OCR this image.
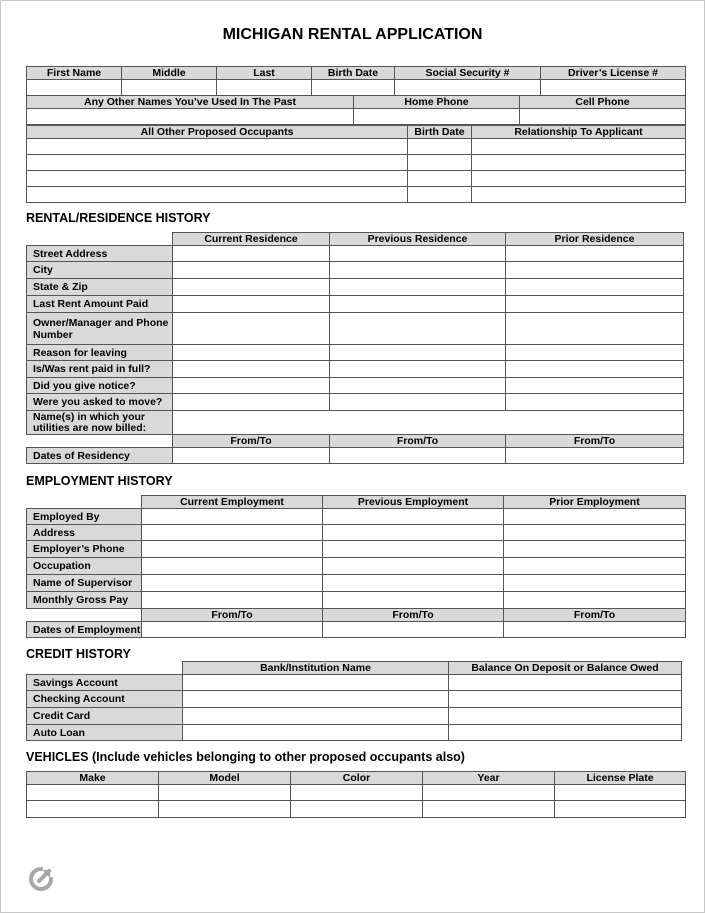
MICHIGAN RENTAL APPLICATION
First Name	Middle	Last	Birth Date	Social Security #	Driver’s License #

Any Other Names You’ve Used In The Past	Home Phone	Cell Phone

All Other Proposed Occupants	Birth Date	Relationship To Applicant

RENTAL/RESIDENCE HISTORY
	Current Residence	Previous Residence	Prior Residence
Street Address			
City			
State & Zip			
Last Rent Amount Paid			
Owner/Manager and Phone Number			
Reason for leaving			
Is/Was rent paid in full?			
Did you give notice?			
Were you asked to move?			
Name(s) in which your utilities are now billed:			
	From/To	From/To	From/To
Dates of Residency			
EMPLOYMENT HISTORY
	Current Employment	Previous Employment	Prior Employment
Employed By			
Address			
Employer’s Phone			
Occupation			
Name of Supervisor			
Monthly Gross Pay			
	From/To	From/To	From/To
Dates of Employment			
CREDIT HISTORY
	Bank/Institution Name	Balance On Deposit or Balance Owed
Savings Account		
Checking Account		
Credit Card		
Auto Loan		
VEHICLES (Include vehicles belonging to other proposed occupants also)
Make	Model	Color	Year	License Plate
